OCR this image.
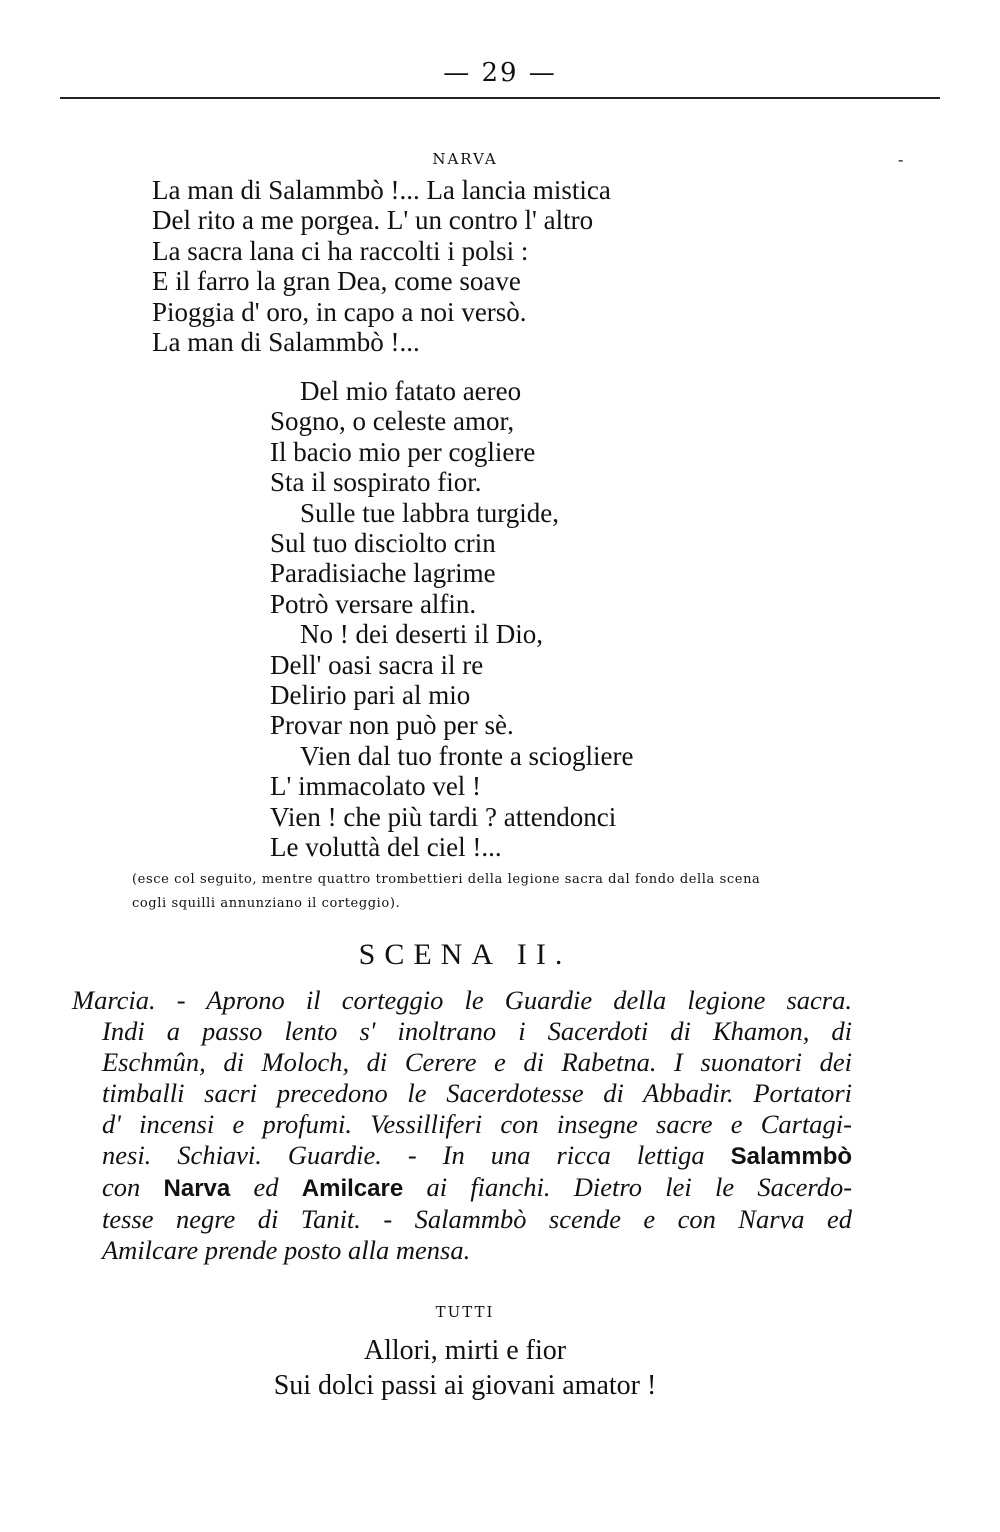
— 29 —
-
NARVA
La man di Salammbò !... La lancia mistica
Del rito a me porgea. L' un contro l' altro
La sacra lana ci ha raccolti i polsi :
E il farro la gran Dea, come soave
Pioggia d' oro, in capo a noi versò.
La man di Salammbò !...
Del mio fatato aereo
Sogno, o celeste amor,
Il bacio mio per cogliere
Sta il sospirato fior.
Sulle tue labbra turgide,
Sul tuo disciolto crin
Paradisiache lagrime
Potrò versare alfin.
No ! dei deserti il Dio,
Dell' oasi sacra il re
Delirio pari al mio
Provar non può per sè.
Vien dal tuo fronte a sciogliere
L' immacolato vel !
Vien ! che più tardi ? attendonci
Le voluttà del ciel !...
(esce col seguito, mentre quattro trombettieri della legione sacra dal fondo della scena
cogli squilli annunziano il corteggio).
SCENA II.
Marcia. - Aprono il corteggio le Guardie della legione sacra.
Indi a passo lento s' inoltrano i Sacerdoti di Khamon, di
Eschmûn, di Moloch, di Cerere e di Rabetna. I suonatori dei
timballi sacri precedono le Sacerdotesse di Abbadir. Portatori
d' incensi e profumi. Vessilliferi con insegne sacre e Cartagi-
nesi. Schiavi. Guardie. - In una ricca lettiga Salammbò
con Narva ed Amilcare ai fianchi. Dietro lei le Sacerdo-
tesse negre di Tanit. - Salammbò scende e con Narva ed
Amilcare prende posto alla mensa.
TUTTI
Allori, mirti e fior
Sui dolci passi ai giovani amator !
